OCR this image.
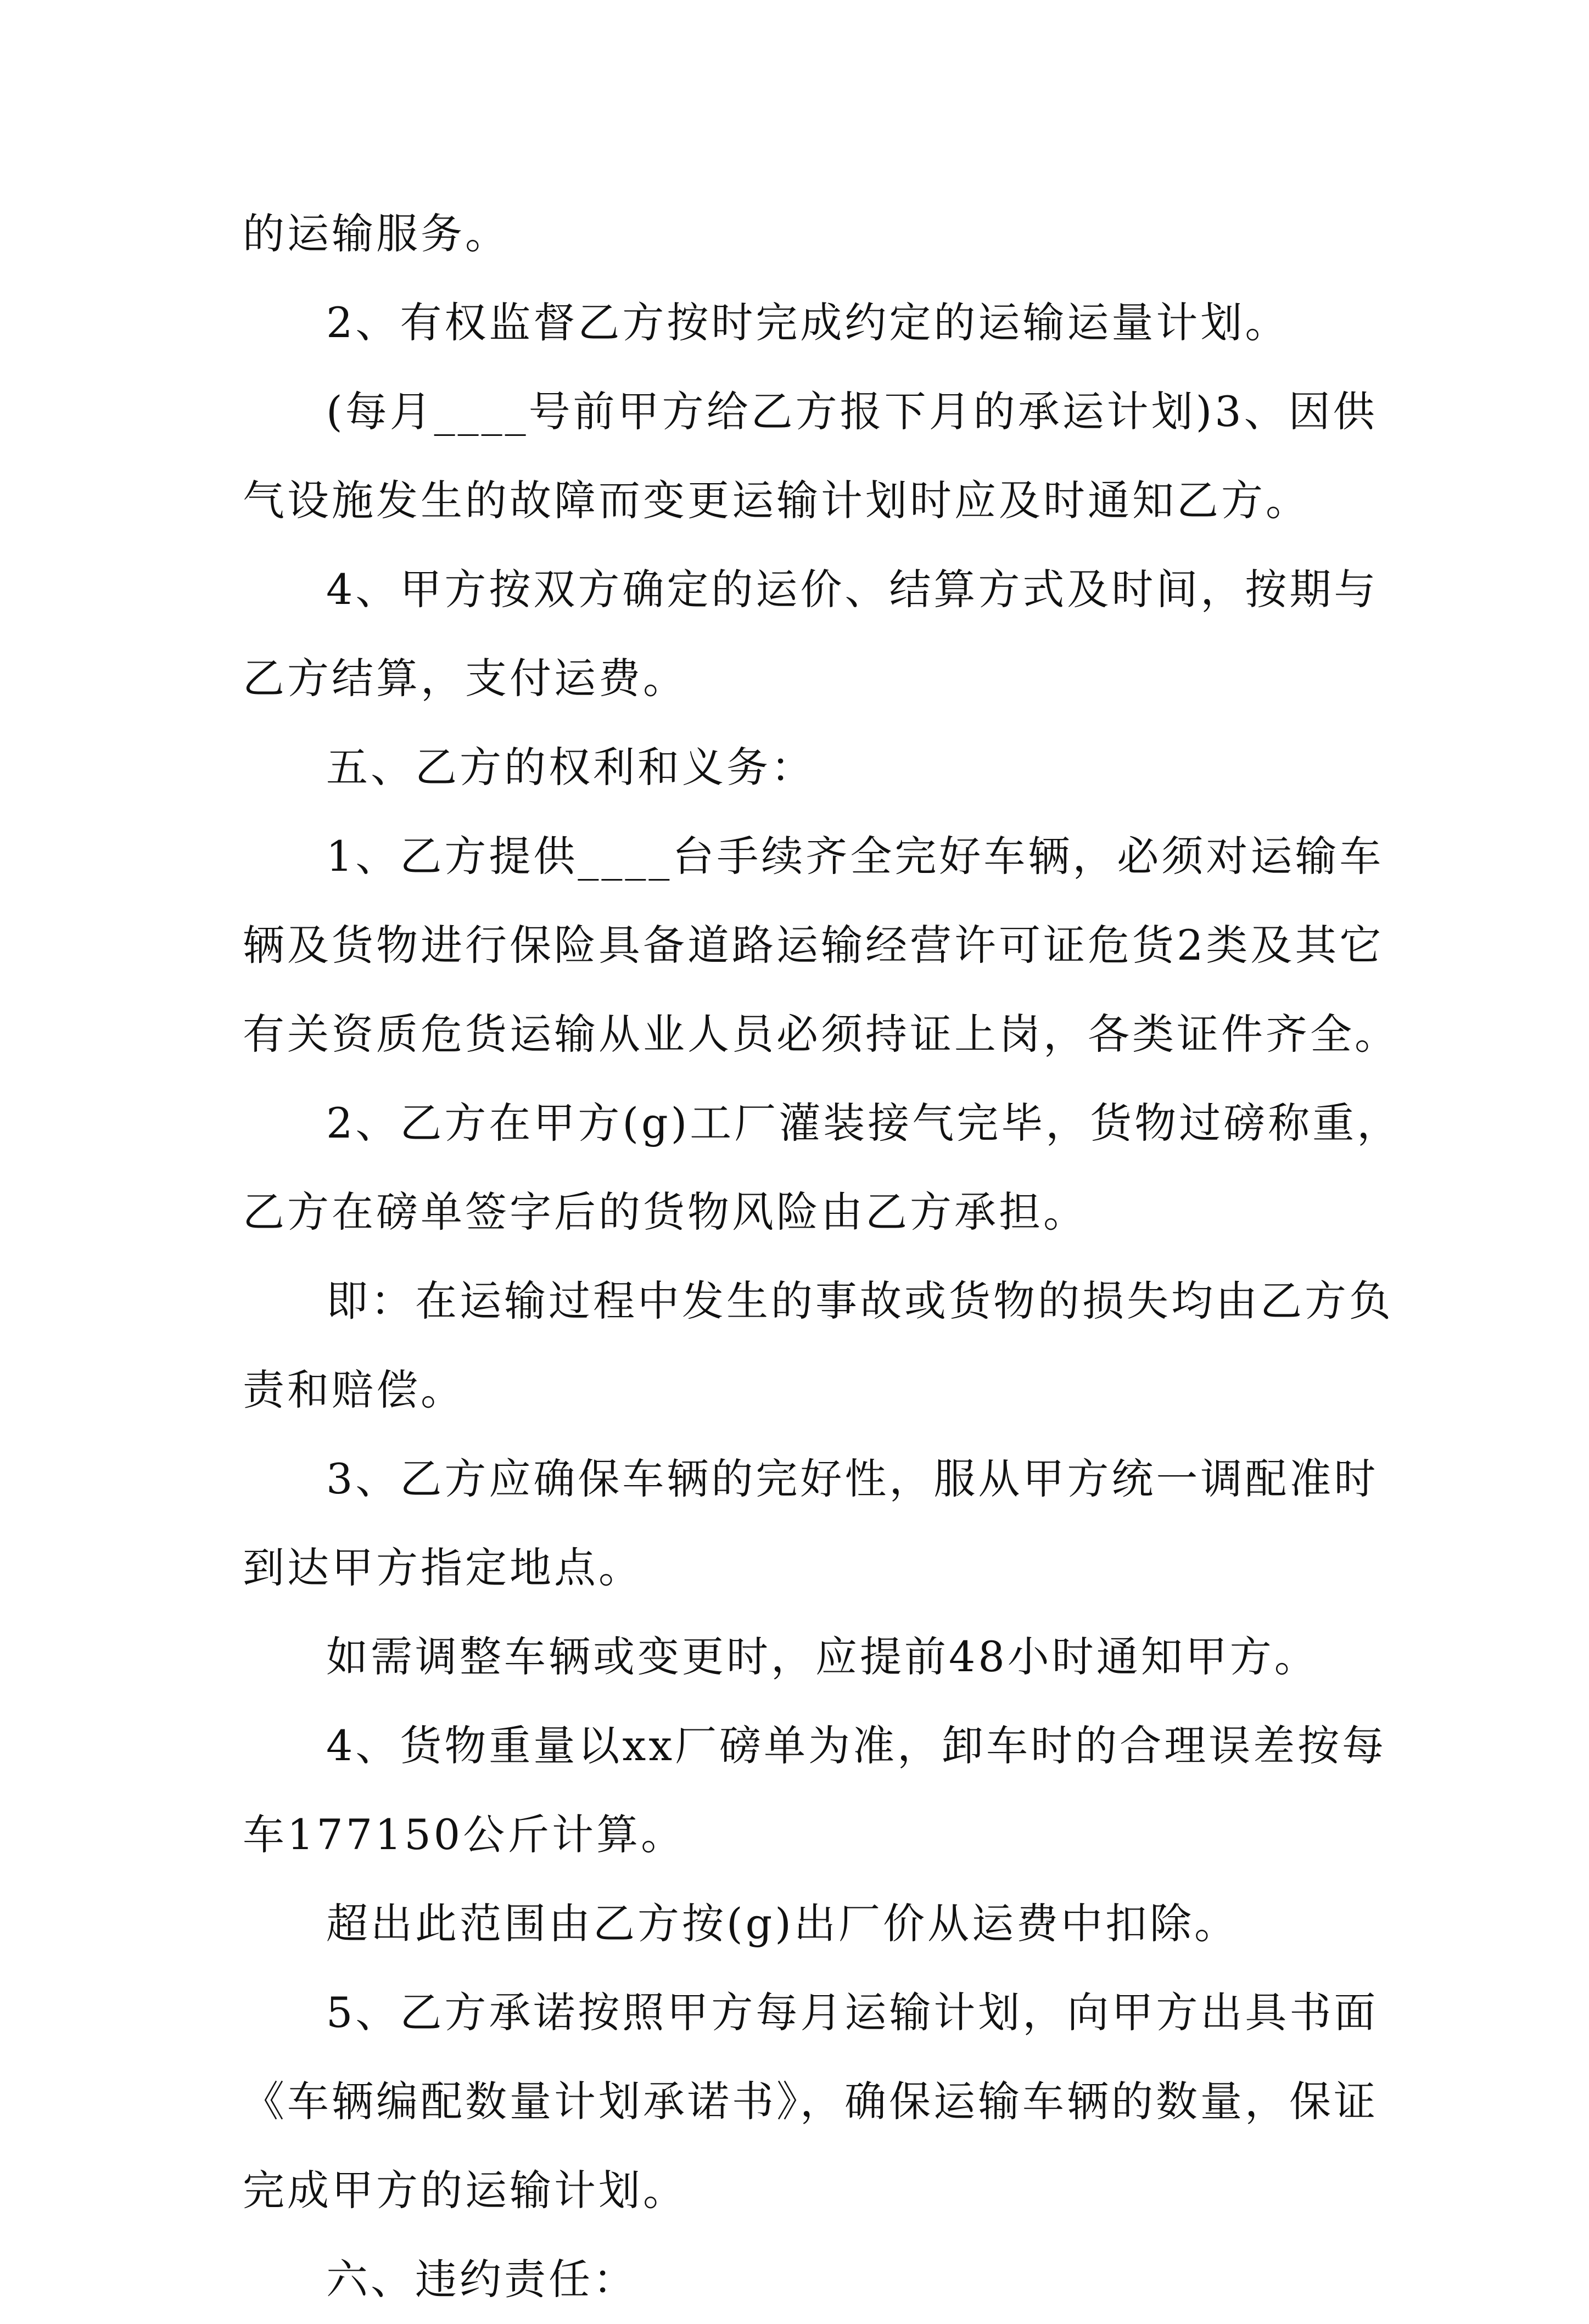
的运输服务。

2、有权监督乙方按时完成约定的运输运量计划。

(每月____号前甲方给乙方报下月的承运计划)3、因供
气设施发生的故障而变更运输计划时应及时通知乙方。

4、甲方按双方确定的运价、结算方式及时间，按期与
乙方结算，支付运费。

五、乙方的权利和义务：

1、乙方提供____台手续齐全完好车辆，必须对运输车
辆及货物进行保险具备道路运输经营许可证危货2类及其它
有关资质危货运输从业人员必须持证上岗，各类证件齐全。

2、乙方在甲方(g)工厂灌装接气完毕，货物过磅称重，
乙方在磅单签字后的货物风险由乙方承担。

即：在运输过程中发生的事故或货物的损失均由乙方负
责和赔偿。

3、乙方应确保车辆的完好性，服从甲方统一调配准时
到达甲方指定地点。

如需调整车辆或变更时，应提前48小时通知甲方。

4、货物重量以xx厂磅单为准，卸车时的合理误差按每
车177150公斤计算。

超出此范围由乙方按(g)出厂价从运费中扣除。

5、乙方承诺按照甲方每月运输计划，向甲方出具书面
《车辆编配数量计划承诺书》，确保运输车辆的数量，保证
完成甲方的运输计划。

六、违约责任：
